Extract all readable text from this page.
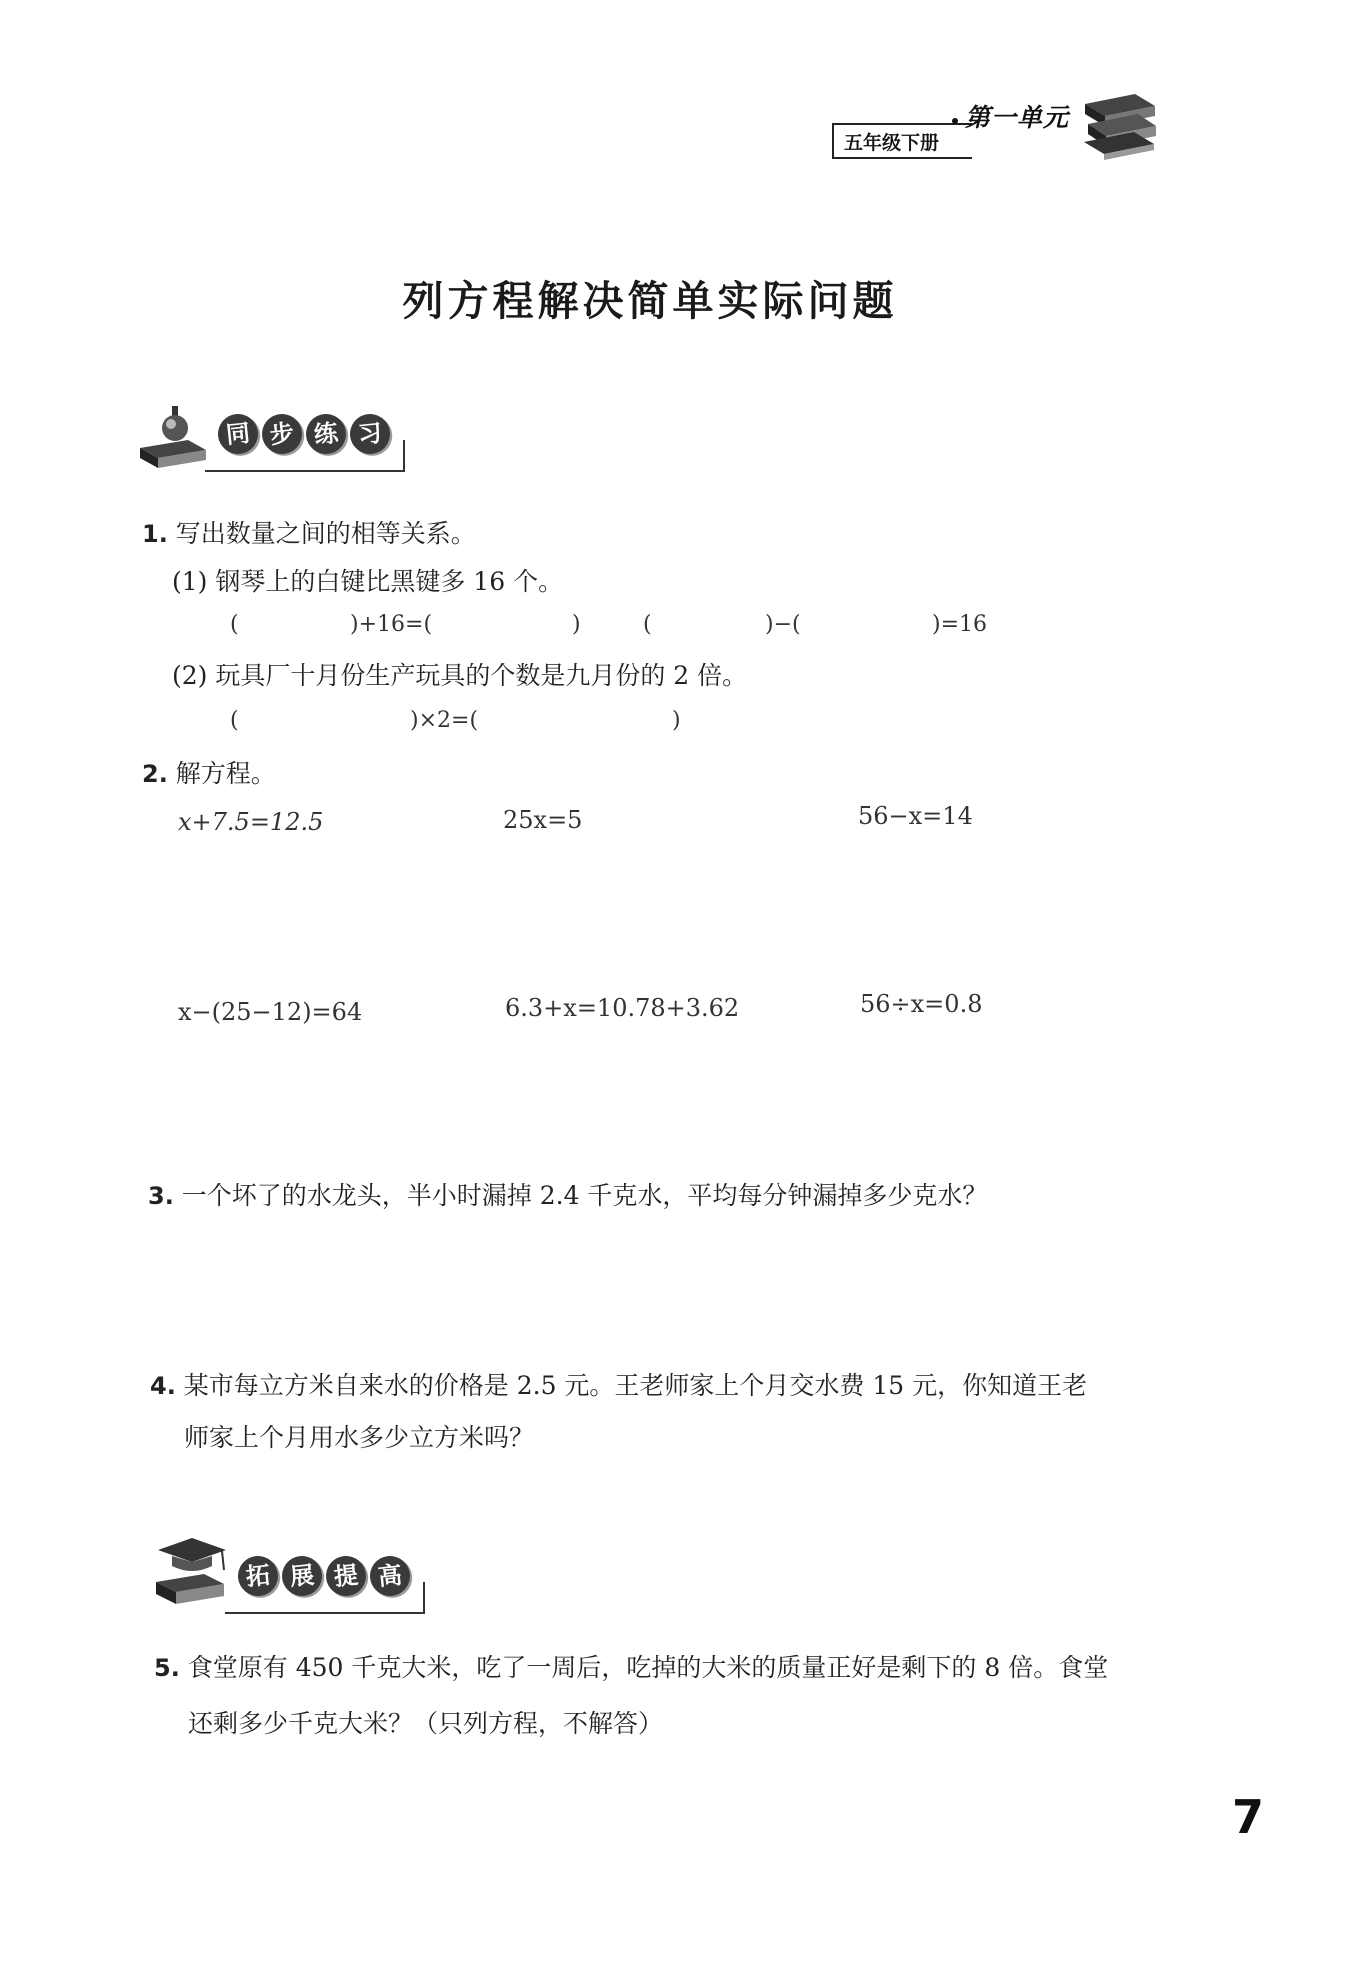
五年级下册
第一单元
列方程解决简单实际问题
同 步 练 习
1. 写出数量之间的相等关系。
(1) 钢琴上的白键比黑键多 16 个。
(	)+16=(	)	(	)−(	)=16
(2) 玩具厂十月份生产玩具的个数是九月份的 2 倍。
(	)×2=(	)
2. 解方程。
x+7.5=12.5	25x=5	56−x=14
x−(25−12)=64	6.3+x=10.78+3.62	56÷x=0.8
3. 一个坏了的水龙头，半小时漏掉 2.4 千克水，平均每分钟漏掉多少克水？
4. 某市每立方米自来水的价格是 2.5 元。王老师家上个月交水费 15 元，你知道王老
师家上个月用水多少立方米吗？
拓 展 提 高
5. 食堂原有 450 千克大米，吃了一周后，吃掉的大米的质量正好是剩下的 8 倍。食堂
还剩多少千克大米？（只列方程，不解答）
7
